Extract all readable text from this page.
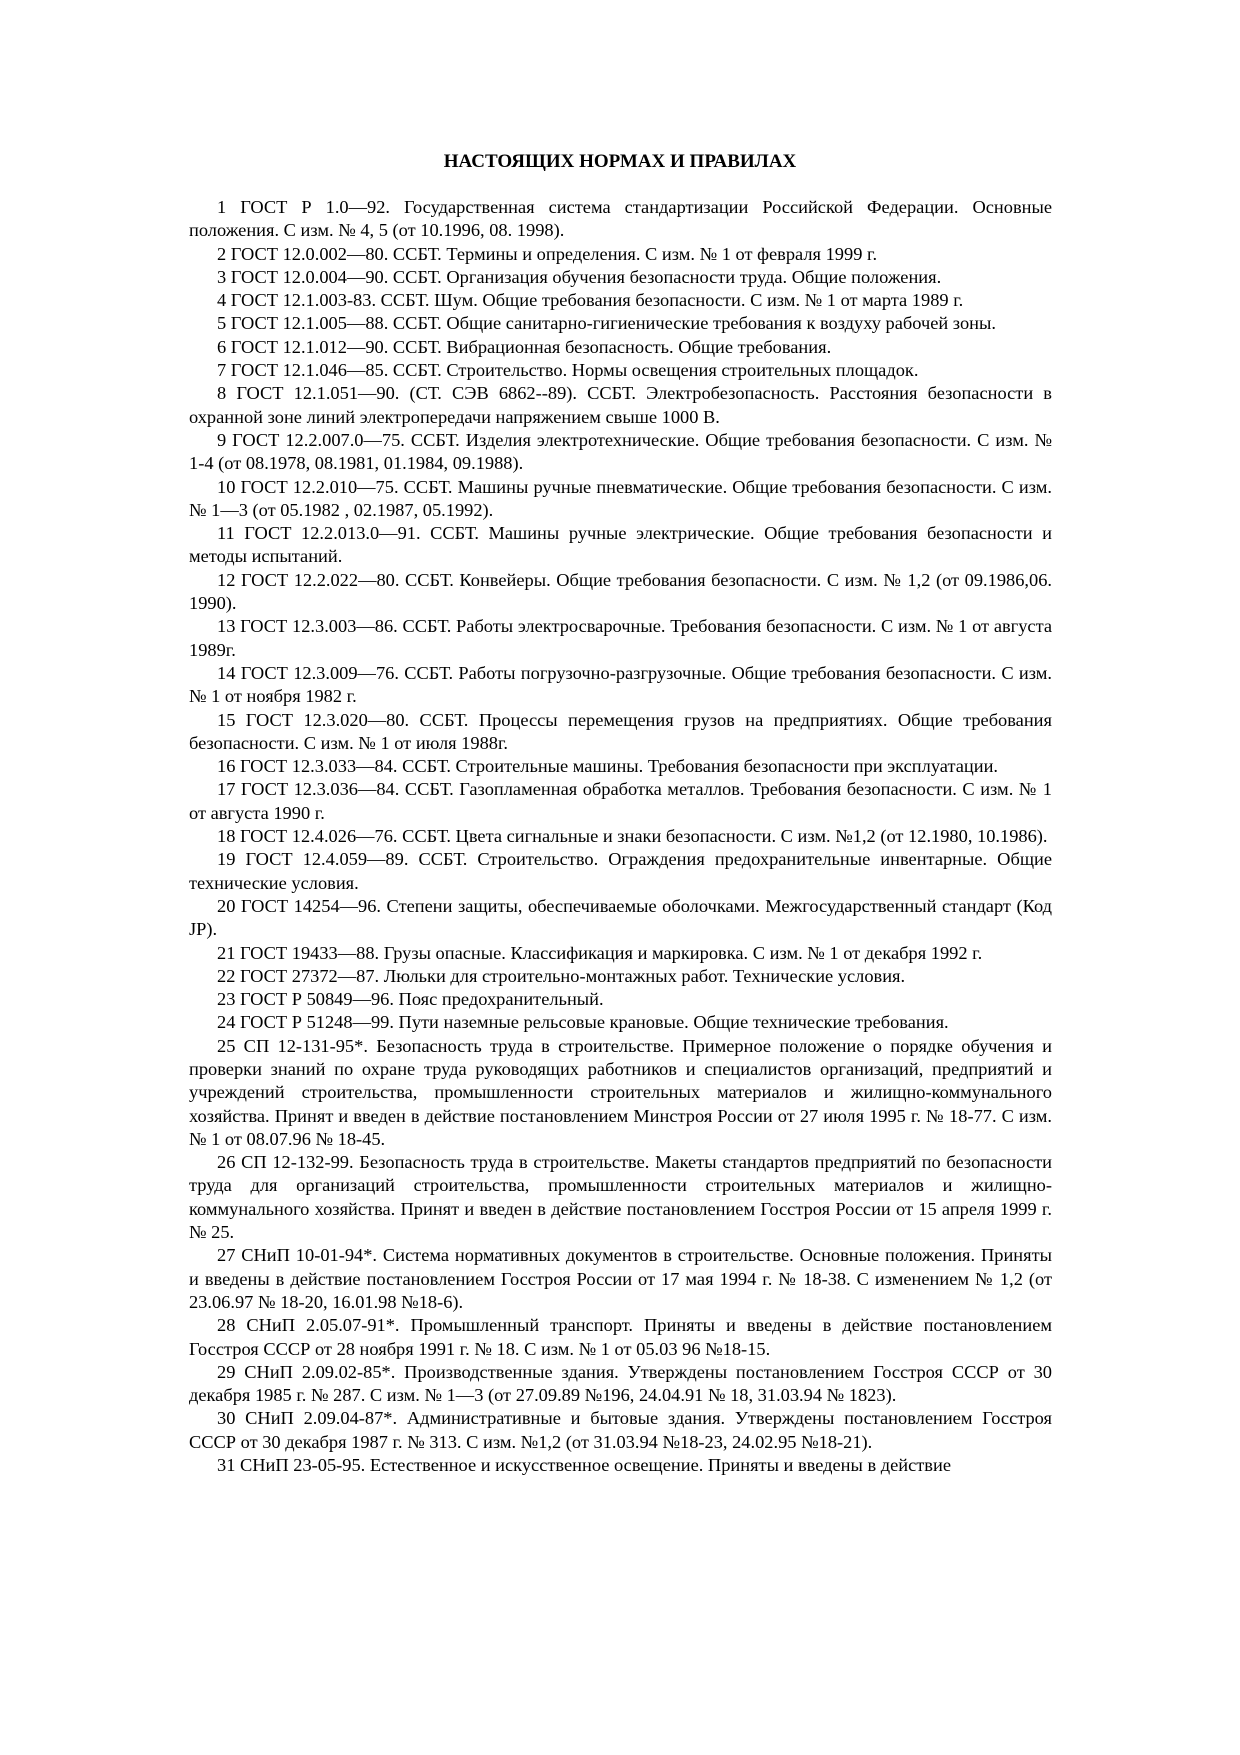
НАСТОЯЩИХ НОРМАХ И ПРАВИЛАХ
1 ГОСТ Р 1.0—92. Государственная система стандартизации Российской Федерации. Основные положения. С изм. № 4, 5 (от 10.1996, 08. 1998).
2 ГОСТ 12.0.002—80. ССБТ. Термины и определения. С изм. № 1 от февраля 1999 г.
3 ГОСТ 12.0.004—90. ССБТ. Организация обучения безопасности труда. Общие положения.
4 ГОСТ 12.1.003-83. ССБТ. Шум. Общие требования безопасности. С изм. № 1 от марта 1989 г.
5 ГОСТ 12.1.005—88. ССБТ. Общие санитарно-гигиенические требования к воздуху рабочей зоны.
6 ГОСТ 12.1.012—90. ССБТ. Вибрационная безопасность. Общие требования.
7 ГОСТ 12.1.046—85. ССБТ. Строительство. Нормы освещения строительных площадок.
8 ГОСТ 12.1.051—90. (СТ. СЭВ 6862--89). ССБТ. Электробезопасность. Расстояния безопасности в охранной зоне линий электропередачи напряжением свыше 1000 В.
9 ГОСТ 12.2.007.0—75. ССБТ. Изделия электротехнические. Общие требования безопасности. С изм. № 1-4 (от 08.1978, 08.1981, 01.1984, 09.1988).
10 ГОСТ 12.2.010—75. ССБТ. Машины ручные пневматические. Общие требования безопасности. С изм. № 1—3 (от 05.1982 , 02.1987, 05.1992).
11 ГОСТ 12.2.013.0—91. ССБТ. Машины ручные электрические. Общие требования безопасности и методы испытаний.
12 ГОСТ 12.2.022—80. ССБТ. Конвейеры. Общие требования безопасности. С изм. № 1,2 (от 09.1986,06. 1990).
13 ГОСТ 12.3.003—86. ССБТ. Работы электросварочные. Требования безопасности. С изм. № 1 от августа 1989г.
14 ГОСТ 12.3.009—76. ССБТ. Работы погрузочно-разгрузочные. Общие требования безопасности. С изм. № 1 от ноября 1982 г.
15 ГОСТ 12.3.020—80. ССБТ. Процессы перемещения грузов на предприятиях. Общие требования безопасности. С изм. № 1 от июля 1988г.
16 ГОСТ 12.3.033—84. ССБТ. Строительные машины. Требования безопасности при эксплуатации.
17 ГОСТ 12.3.036—84. ССБТ. Газопламенная обработка металлов. Требования безопасности. С изм. № 1 от августа 1990 г.
18 ГОСТ 12.4.026—76. ССБТ. Цвета сигнальные и знаки безопасности. С изм. №1,2 (от 12.1980, 10.1986).
19 ГОСТ 12.4.059—89. ССБТ. Строительство. Ограждения предохранительные инвентарные. Общие технические условия.
20 ГОСТ 14254—96. Степени защиты, обеспечиваемые оболочками. Межгосударственный стандарт (Код JP).
21 ГОСТ 19433—88. Грузы опасные. Классификация и маркировка. С изм. № 1 от декабря 1992 г.
22 ГОСТ 27372—87. Люльки для строительно-монтажных работ. Технические условия.
23 ГОСТ Р 50849—96. Пояс предохранительный.
24 ГОСТ Р 51248—99. Пути наземные рельсовые крановые. Общие технические требования.
25 СП 12-131-95*. Безопасность труда в строительстве. Примерное положение о порядке обучения и проверки знаний по охране труда руководящих работников и специалистов организаций, предприятий и учреждений строительства, промышленности строительных материалов и жилищно-коммунального хозяйства. Принят и введен в действие постановлением Минстроя России от 27 июля 1995 г. № 18-77. С изм. № 1 от 08.07.96 № 18-45.
26 СП 12-132-99. Безопасность труда в строительстве. Макеты стандартов предприятий по безопасности труда для организаций строительства, промышленности строительных материалов и жилищно-коммунального хозяйства. Принят и введен в действие постановлением Госстроя России от 15 апреля 1999 г. № 25.
27 СНиП 10-01-94*. Система нормативных документов в строительстве. Основные положения. Приняты и введены в действие постановлением Госстроя России от 17 мая 1994 г. № 18-38. С изменением № 1,2 (от 23.06.97 № 18-20, 16.01.98 №18-6).
28 СНиП 2.05.07-91*. Промышленный транспорт. Приняты и введены в действие постановлением Госстроя СССР от 28 ноября 1991 г. № 18. С изм. № 1 от 05.03 96 №18-15.
29 СНиП 2.09.02-85*. Производственные здания. Утверждены постановлением Госстроя СССР от 30 декабря 1985 г. № 287. С изм. № 1—3 (от 27.09.89 №196, 24.04.91 № 18, 31.03.94 № 1823).
30 СНиП 2.09.04-87*. Административные и бытовые здания. Утверждены постановлением Госстроя СССР от 30 декабря 1987 г. № 313. С изм. №1,2 (от 31.03.94 №18-23, 24.02.95 №18-21).
31 СНиП 23-05-95. Естественное и искусственное освещение. Приняты и введены в действие
